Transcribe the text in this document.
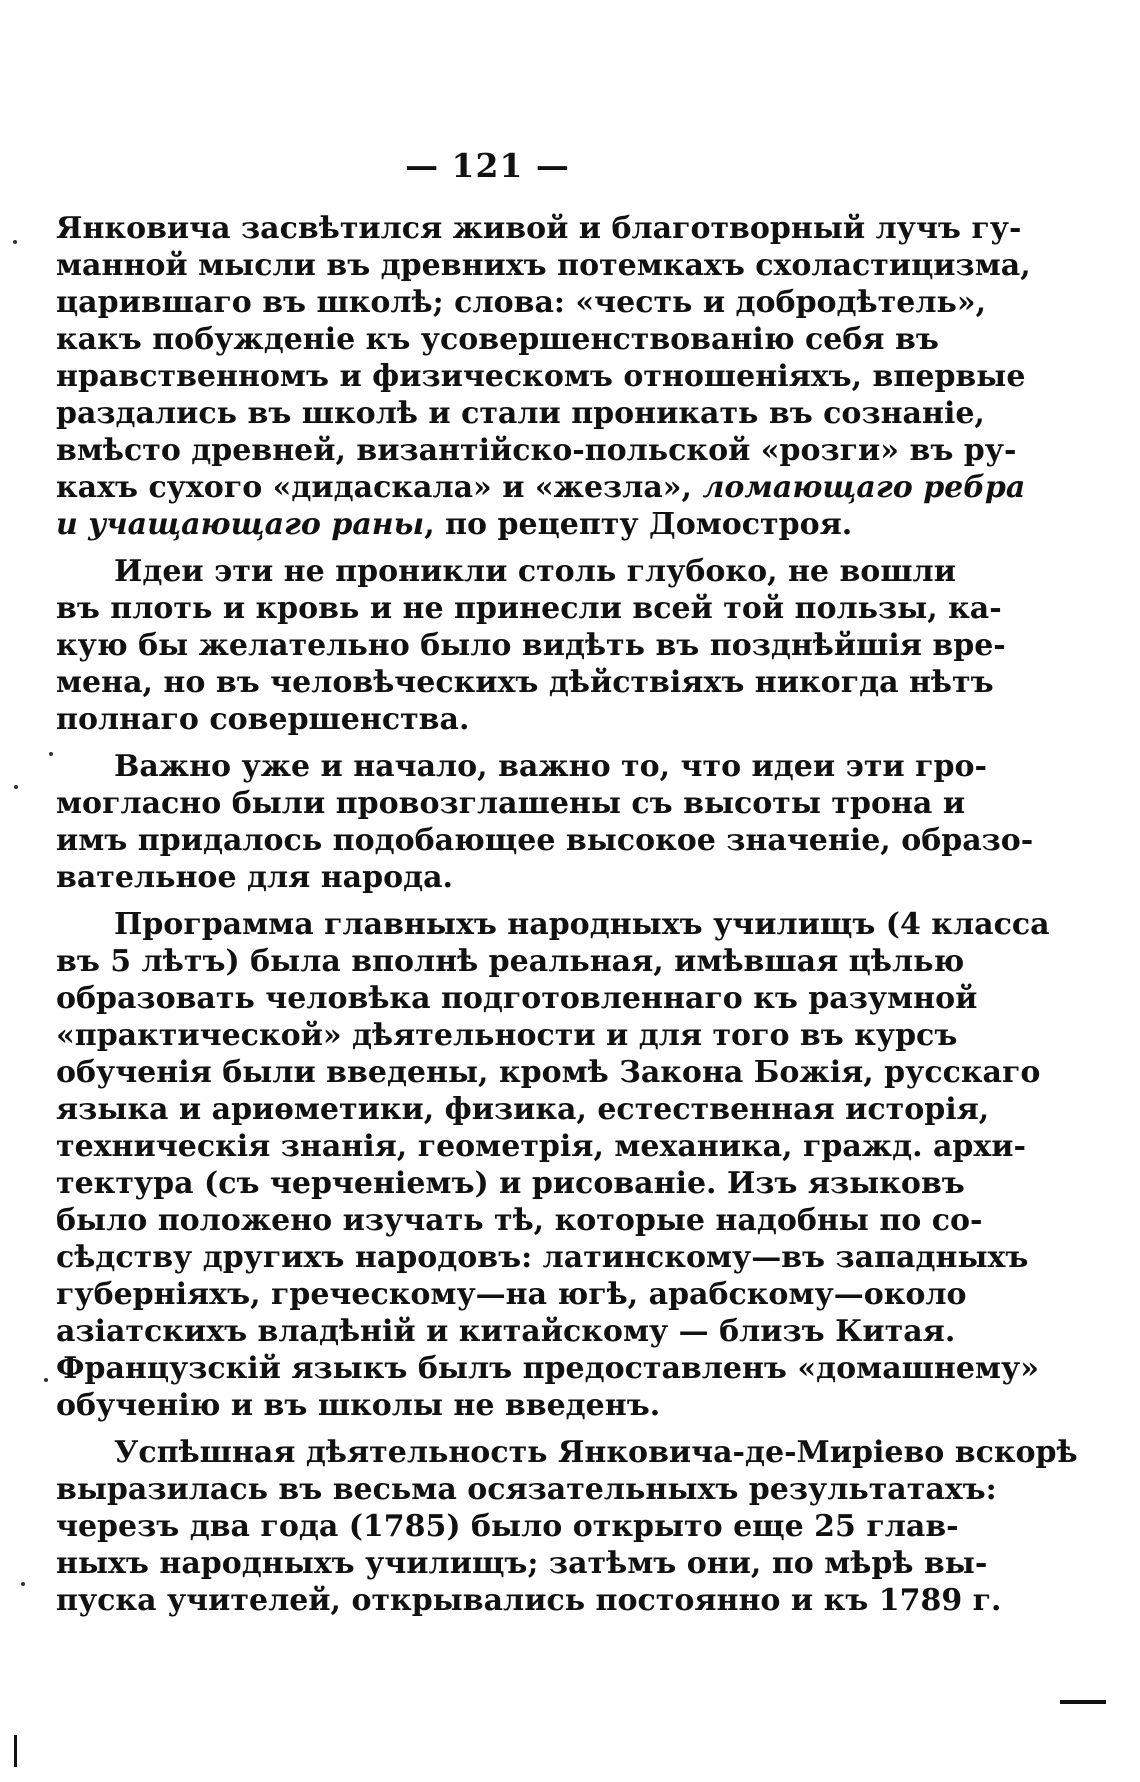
— 121 —
Янковича засвѣтился живой и благотворный лучъ гу-
манной мысли въ древнихъ потемкахъ схоластицизма,
царившаго въ школѣ; слова: «честь и добродѣтель»,
какъ побужденіе къ усовершенствованію себя въ
нравственномъ и физическомъ отношеніяхъ, впервые
раздались въ школѣ и стали проникать въ сознаніе,
вмѣсто древней, византійско-польской «розги» въ ру-
кахъ сухого «дидаскала» и «жезла», ломающаго ребра
и учащающаго раны, по рецепту Домостроя.
Идеи эти не проникли столь глубоко, не вошли
въ плоть и кровь и не принесли всей той пользы, ка-
кую бы желательно было видѣть въ позднѣйшія вре-
мена, но въ человѣческихъ дѣйствіяхъ никогда нѣтъ
полнаго совершенства.
Важно уже и начало, важно то, что идеи эти гро-
могласно были провозглашены съ высоты трона и
имъ придалось подобающее высокое значеніе, образо-
вательное для народа.
Программа главныхъ народныхъ училищъ (4 класса
въ 5 лѣтъ) была вполнѣ реальная, имѣвшая цѣлью
образовать человѣка подготовленнаго къ разумной
«практической» дѣятельности и для того въ курсъ
обученія были введены, кромѣ Закона Божія, русскаго
языка и ариѳметики, физика, естественная исторія,
техническія знанія, геометрія, механика, гражд. архи-
тектура (съ черченіемъ) и рисованіе. Изъ языковъ
было положено изучать тѣ, которые надобны по со-
сѣдству другихъ народовъ: латинскому—въ западныхъ
губерніяхъ, греческому—на югѣ, арабскому—около
азіатскихъ владѣній и китайскому — близъ Китая.
Французскій языкъ былъ предоставленъ «домашнему»
обученію и въ школы не введенъ.
Успѣшная дѣятельность Янковича-де-Миріево вскорѣ
выразилась въ весьма осязательныхъ результатахъ:
черезъ два года (1785) было открыто еще 25 глав-
ныхъ народныхъ училищъ; затѣмъ они, по мѣрѣ вы-
пуска учителей, открывались постоянно и къ 1789 г.
